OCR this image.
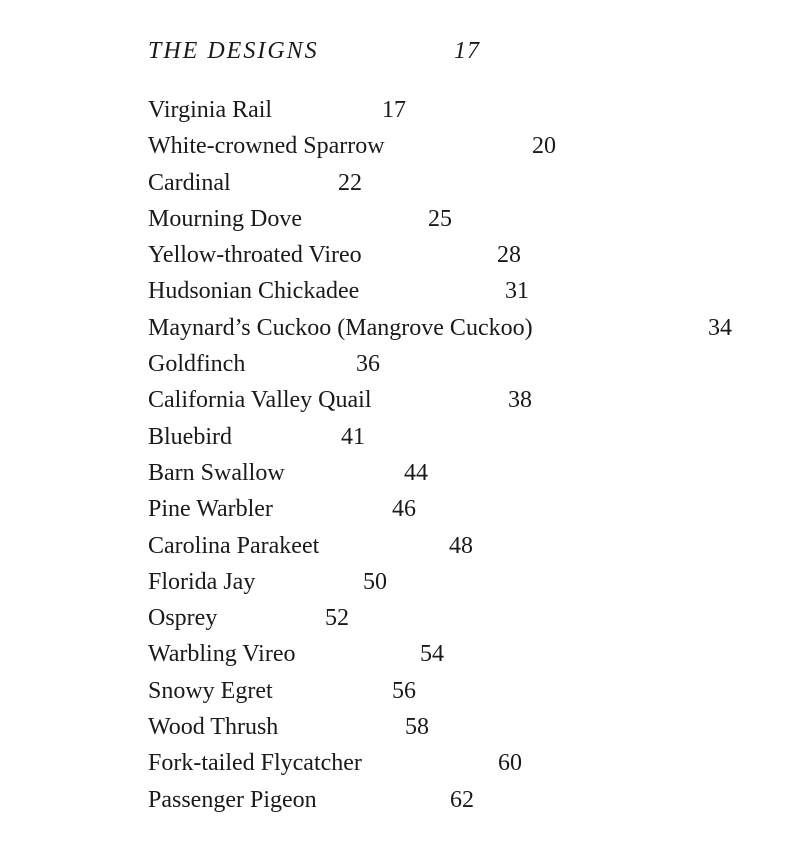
THE DESIGNS	17
Virginia Rail	17
White-crowned Sparrow	20
Cardinal	22
Mourning Dove	25
Yellow-throated Vireo	28
Hudsonian Chickadee	31
Maynard’s Cuckoo (Mangrove Cuckoo)	34
Goldfinch	36
California Valley Quail	38
Bluebird	41
Barn Swallow	44
Pine Warbler	46
Carolina Parakeet	48
Florida Jay	50
Osprey	52
Warbling Vireo	54
Snowy Egret	56
Wood Thrush	58
Fork-tailed Flycatcher	60
Passenger Pigeon	62
